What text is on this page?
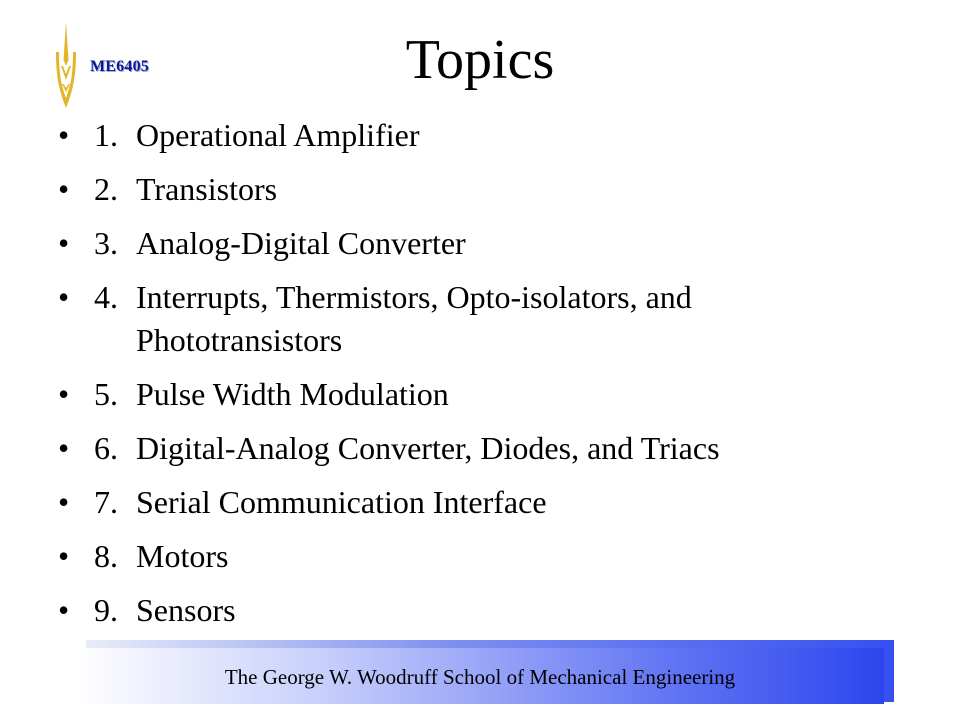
ME6405	Topics
• 1. Operational Amplifier
• 2. Transistors
• 3. Analog-Digital Converter
• 4. Interrupts, Thermistors, Opto-isolators, and Phototransistors
• 5. Pulse Width Modulation
• 6. Digital-Analog Converter, Diodes, and Triacs
• 7. Serial Communication Interface
• 8. Motors
• 9. Sensors
The George W. Woodruff School of Mechanical Engineering
